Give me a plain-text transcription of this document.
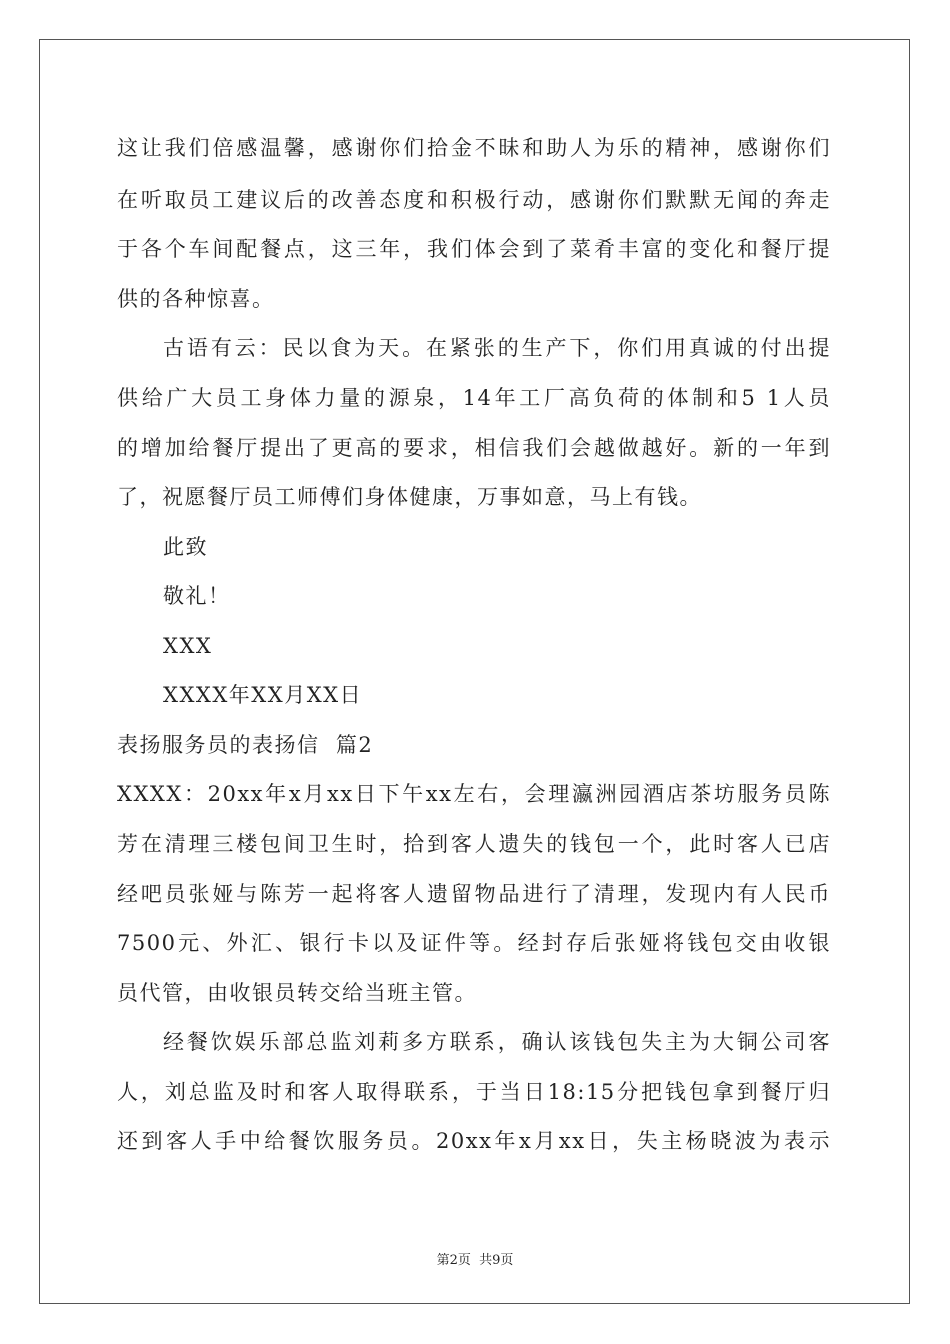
这让我们倍感温馨，感谢你们拾金不昧和助人为乐的精神，感谢你们
在听取员工建议后的改善态度和积极行动，感谢你们默默无闻的奔走
于各个车间配餐点，这三年，我们体会到了菜肴丰富的变化和餐厅提
供的各种惊喜。
古语有云：民以食为天。在紧张的生产下，你们用真诚的付出提
供给广大员工身体力量的源泉，14年工厂高负荷的体制和5 1人员
的增加给餐厅提出了更高的要求，相信我们会越做越好。新的一年到
了，祝愿餐厅员工师傅们身体健康，万事如意，马上有钱。
此致
敬礼！
XXX
XXXX年XX月XX日
表扬服务员的表扬信  篇2
XXXX：20xx年x月xx日下午xx左右，会理瀛洲园酒店茶坊服务员陈
芳在清理三楼包间卫生时，拾到客人遗失的钱包一个，此时客人已店
经吧员张娅与陈芳一起将客人遗留物品进行了清理，发现内有人民币
7500元、外汇、银行卡以及证件等。经封存后张娅将钱包交由收银
员代管，由收银员转交给当班主管。
经餐饮娱乐部总监刘莉多方联系，确认该钱包失主为大铜公司客
人，刘总监及时和客人取得联系，于当日18:15分把钱包拿到餐厅归
还到客人手中给餐饮服务员。20xx年x月xx日，失主杨晓波为表示
第2页  共9页
